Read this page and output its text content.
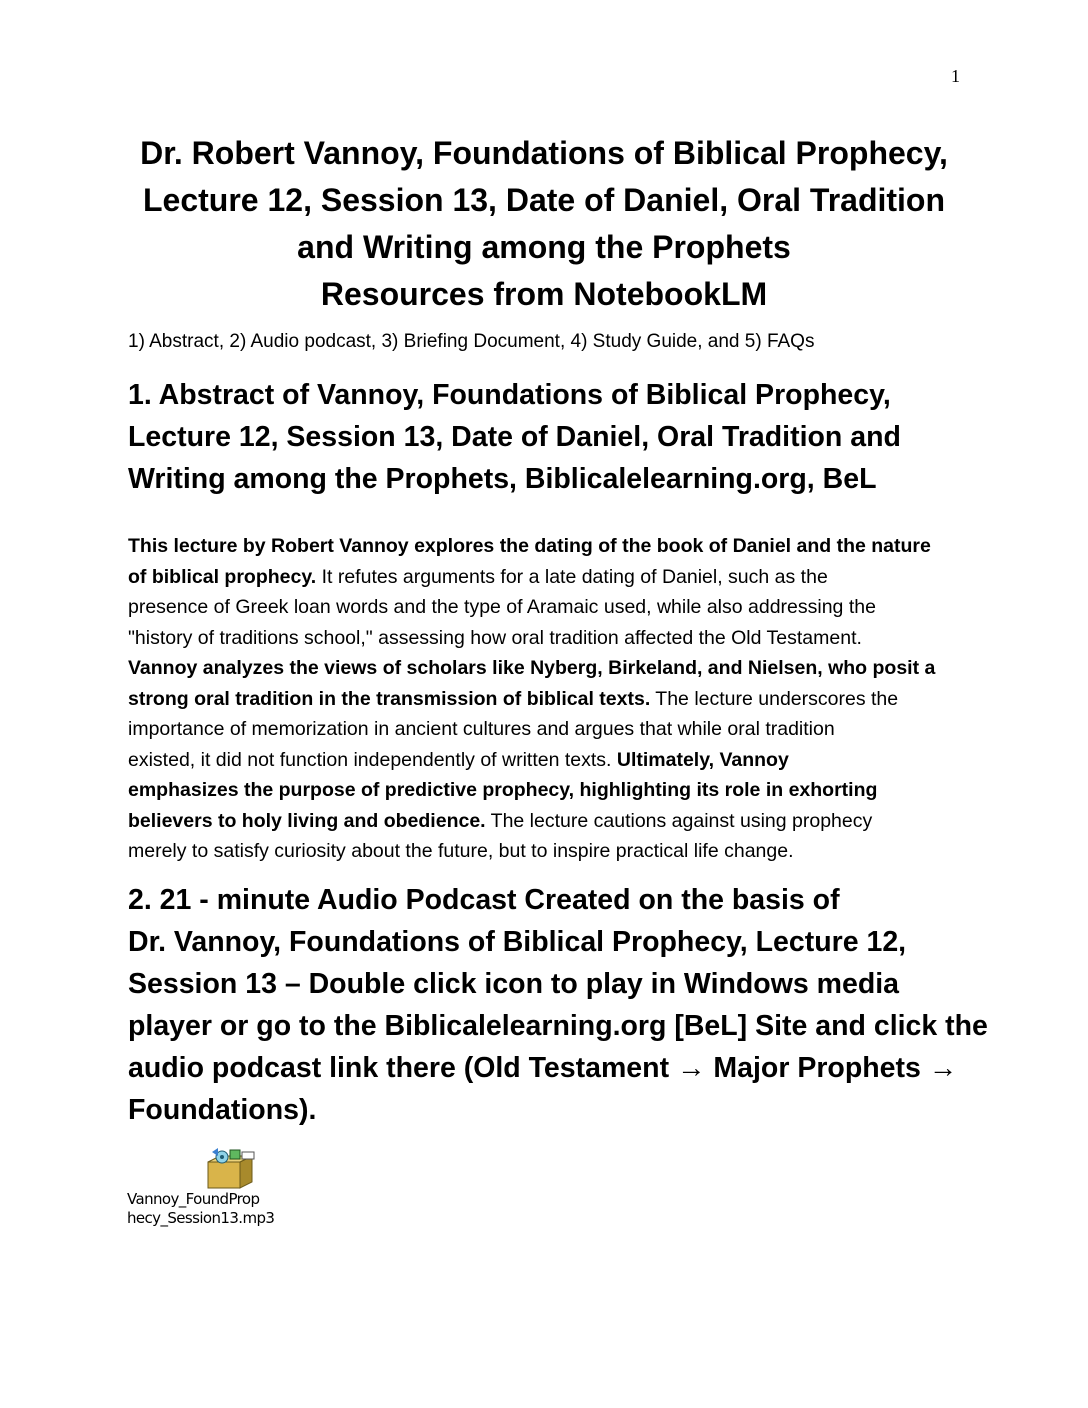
1
Dr. Robert Vannoy, Foundations of Biblical Prophecy,
Lecture 12, Session 13, Date of Daniel, Oral Tradition
and Writing among the Prophets
Resources from NotebookLM
1) Abstract, 2) Audio podcast, 3) Briefing Document, 4) Study Guide, and 5) FAQs
1. Abstract of Vannoy, Foundations of Biblical Prophecy,
Lecture 12, Session 13, Date of Daniel, Oral Tradition and
Writing among the Prophets, Biblicalelearning.org, BeL
This lecture by Robert Vannoy explores the dating of the book of Daniel and the nature
of biblical prophecy. It refutes arguments for a late dating of Daniel, such as the
presence of Greek loan words and the type of Aramaic used, while also addressing the
"history of traditions school," assessing how oral tradition affected the Old Testament.
Vannoy analyzes the views of scholars like Nyberg, Birkeland, and Nielsen, who posit a
strong oral tradition in the transmission of biblical texts. The lecture underscores the
importance of memorization in ancient cultures and argues that while oral tradition
existed, it did not function independently of written texts. Ultimately, Vannoy
emphasizes the purpose of predictive prophecy, highlighting its role in exhorting
believers to holy living and obedience. The lecture cautions against using prophecy
merely to satisfy curiosity about the future, but to inspire practical life change.
2. 21 - minute Audio Podcast Created on the basis of
Dr. Vannoy, Foundations of Biblical Prophecy, Lecture 12,
Session 13 – Double click icon to play in Windows media
player or go to the Biblicalelearning.org [BeL] Site and click the
audio podcast link there (Old Testament → Major Prophets →
Foundations).
Vannoy_FoundProp
hecy_Session13.mp3
